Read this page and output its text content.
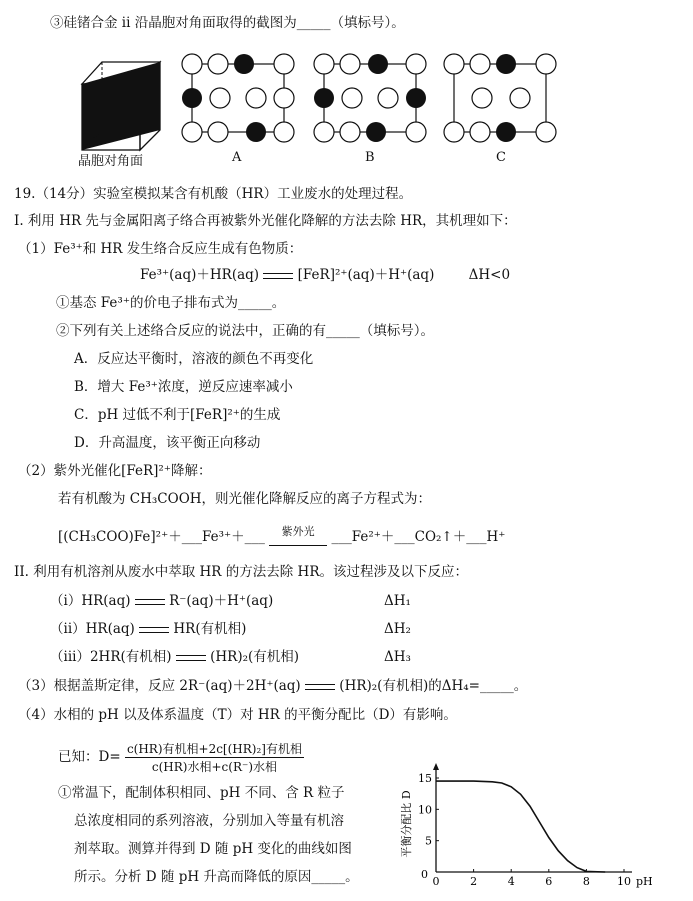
③硅锗合金 ii 沿晶胞对角面取得的截图为_____（填标号）。
晶胞对角面	A	B	C
19.（14分）实验室模拟某含有机酸（HR）工业废水的处理过程。
I. 利用 HR 先与金属阳离子络合再被紫外光催化降解的方法去除 HR，其机理如下：
（1）Fe³⁺和 HR 发生络合反应生成有色物质：
Fe³⁺(aq)＋HR(aq)	[FeR]²⁺(aq)＋H⁺(aq)	ΔH<0
①基态 Fe³⁺的价电子排布式为_____。
②下列有关上述络合反应的说法中，正确的有_____（填标号）。
A．反应达平衡时，溶液的颜色不再变化
B．增大 Fe³⁺浓度，逆反应速率减小
C．pH 过低不利于[FeR]²⁺的生成
D．升高温度，该平衡正向移动
（2）紫外光催化[FeR]²⁺降解：
若有机酸为 CH₃COOH，则光催化降解反应的离子方程式为：
[(CH₃COO)Fe]²⁺＋___Fe³⁺＋___	紫外光	___Fe²⁺＋___CO₂↑＋___H⁺
II. 利用有机溶剂从废水中萃取 HR 的方法去除 HR。该过程涉及以下反应：
（i）HR(aq)	R⁻(aq)＋H⁺(aq)	ΔH₁
（ii）HR(aq)	HR(有机相)	ΔH₂
（iii）2HR(有机相)	(HR)₂(有机相)	ΔH₃
（3）根据盖斯定律，反应 2R⁻(aq)＋2H⁺(aq)	(HR)₂(有机相)的ΔH₄=_____。
（4）水相的 pH 以及体系温度（T）对 HR 的平衡分配比（D）有影响。
已知：$D= \frac{\text{c(HR)有机相+2c[(HR)₂]有机相}}{\text{c(HR)水相+c(R⁻)水相}}$
①常温下，配制体积相同、pH 不同、含 R 粒子
总浓度相同的系列溶液，分别加入等量有机溶
剂萃取。测算并得到 D 随 pH 变化的曲线如图
所示。分析 D 随 pH 升高而降低的原因_____。
平衡分配比 D
0	2	4	6	8 10
5
10
15
0
pH
